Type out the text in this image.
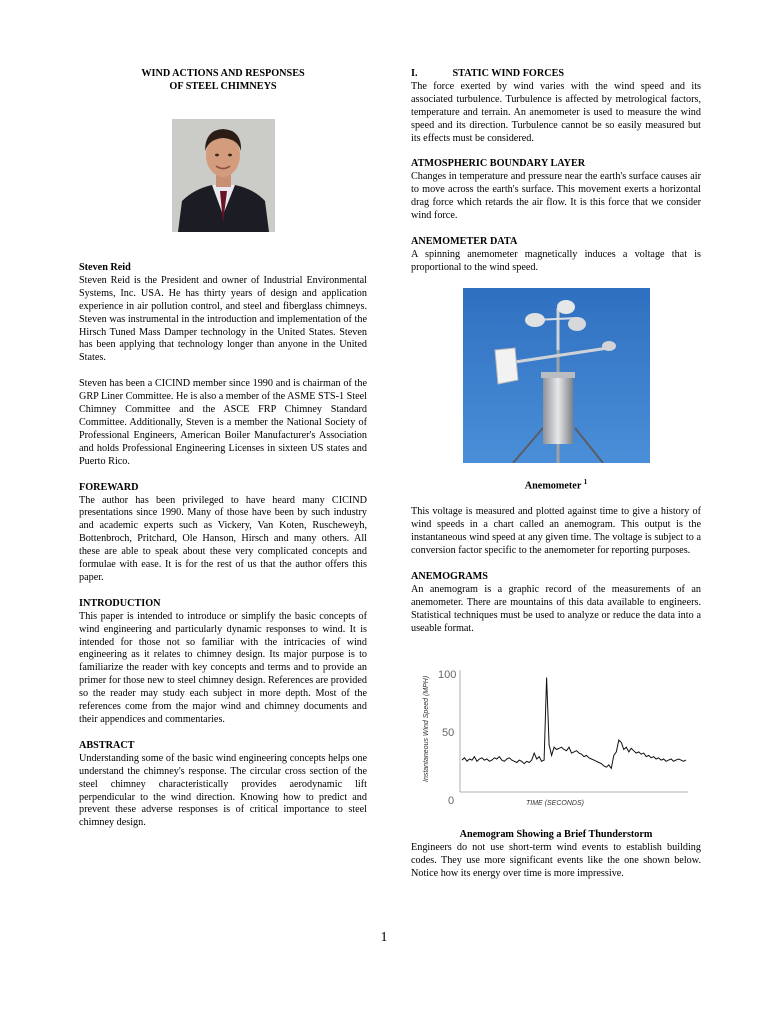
WIND ACTIONS AND RESPONSES
OF STEEL CHIMNEYS

Steven Reid

Steven Reid is the President and owner of Industrial Environmental Systems, Inc. USA. He has thirty years of design and application experience in air pollution control, and steel and fiberglass chimneys. Steven was instrumental in the introduction and implementation of the Hirsch Tuned Mass Damper technology in the United States. Steven has been applying that technology longer than anyone in the United States.

Steven has been a CICIND member since 1990 and is chairman of the GRP Liner Committee. He is also a member of the ASME STS-1 Steel Chimney Committee and the ASCE FRP Chimney Standard Committee. Additionally, Steven is a member the National Society of Professional Engineers, American Boiler Manufacturer's Association and holds Professional Engineering Licenses in sixteen US states and Puerto Rico.

FOREWARD

The author has been privileged to have heard many CICIND presentations since 1990. Many of those have been by such industry and academic experts such as Vickery, Van Koten, Ruscheweyh, Bottenbroch, Pritchard, Ole Hanson, Hirsch and many others. All these are able to speak about these very complicated concepts and formulae with ease. It is for the rest of us that the author offers this paper.

INTRODUCTION

This paper is intended to introduce or simplify the basic concepts of wind engineering and particularly dynamic responses to wind. It is intended for those not so familiar with the intricacies of wind engineering as it relates to chimney design. Its major purpose is to familiarize the reader with key concepts and terms and to provide an primer for those new to steel chimney design. References are provided so the reader may study each subject in more depth. Most of the references come from the major wind and chimney documents and their appendices and commentaries.

ABSTRACT

Understanding some of the basic wind engineering concepts helps one understand the chimney's response. The circular cross section of the steel chimney characteristically provides aerodynamic lift perpendicular to the wind direction. Knowing how to predict and prevent these adverse responses is of critical importance to steel chimney design.

I.	STATIC WIND FORCES

The force exerted by wind varies with the wind speed and its associated turbulence. Turbulence is affected by metrological factors, temperature and terrain. An anemometer is used to measure the wind speed and its direction. Turbulence cannot be so easily measured but its effects must be considered.

ATMOSPHERIC BOUNDARY LAYER

Changes in temperature and pressure near the earth's surface causes air to move across the earth's surface. This movement exerts a horizontal drag force which retards the air flow. It is this force that we consider wind force.

ANEMOMETER DATA

A spinning anemometer magnetically induces a voltage that is proportional to the wind speed.

Anemometer $^1$

This voltage is measured and plotted against time to give a history of wind speeds in a chart called an anemogram. This output is the instantaneous wind speed at any given time. The voltage is subject to a conversion factor specific to the anemometer for reporting purposes.

ANEMOGRAMS

An anemogram is a graphic record of the measurements of an anemometer. There are mountains of this data available to engineers. Statistical techniques must be used to analyze or reduce the data into a useable format.

Instantaneous Wind Speed (MPH)
100
50
0	TIME (SECONDS)

Anemogram Showing a Brief Thunderstorm

Engineers do not use short-term wind events to establish building codes. They use more significant events like the one shown below. Notice how its energy over time is more impressive.

1
